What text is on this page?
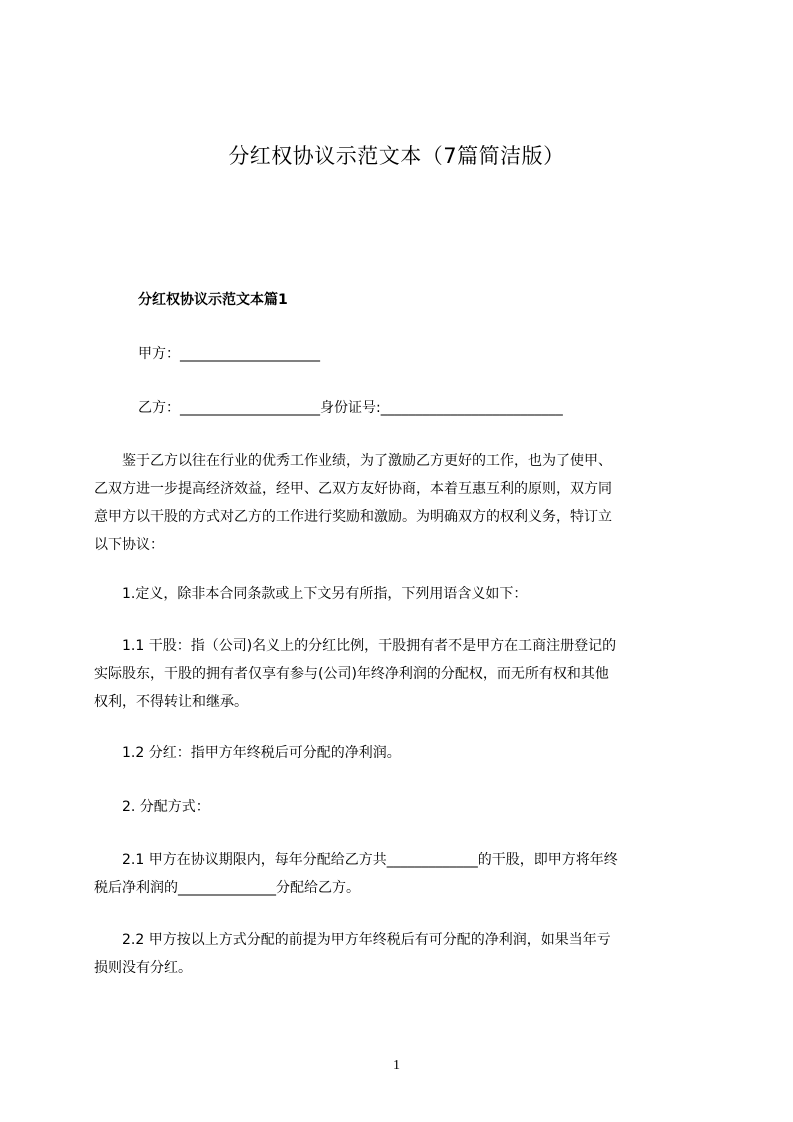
分红权协议示范文本（7篇简洁版）
分红权协议示范文本篇1
甲方：____________________
乙方：____________________身份证号:__________________________

　　鉴于乙方以往在行业的优秀工作业绩，为了激励乙方更好的工作，也为了使甲、
乙双方进一步提高经济效益，经甲、乙双方友好协商，本着互惠互利的原则，双方同
意甲方以干股的方式对乙方的工作进行奖励和激励。为明确双方的权利义务，特订立
以下协议：

　　1.定义，除非本合同条款或上下文另有所指，下列用语含义如下：

　　1.1 干股：指（公司)名义上的分红比例，干股拥有者不是甲方在工商注册登记的
实际股东，干股的拥有者仅享有参与(公司)年终净利润的分配权，而无所有权和其他
权利，不得转让和继承。

　　1.2 分红：指甲方年终税后可分配的净利润。

　　2. 分配方式：

　　2.1 甲方在协议期限内，每年分配给乙方共_____________的干股，即甲方将年终
税后净利润的______________分配给乙方。

　　2.2 甲方按以上方式分配的前提为甲方年终税后有可分配的净利润，如果当年亏
损则没有分红。

1
